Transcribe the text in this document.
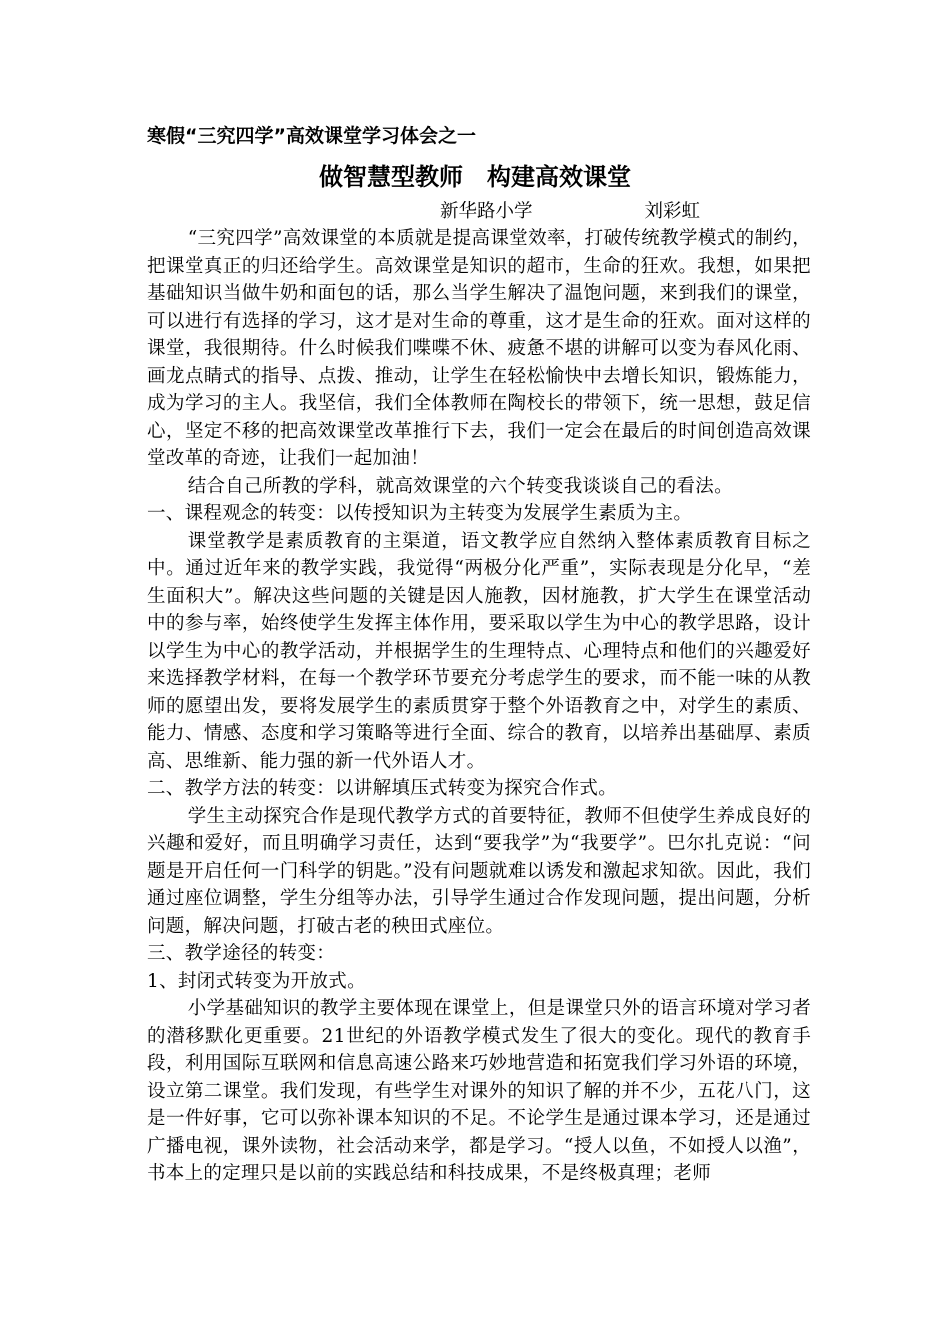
寒假“三究四学”高效课堂学习体会之一
做智慧型教师　构建高效课堂
新华路小学	刘彩虹

“三究四学”高效课堂的本质就是提高课堂效率，打破传统教学模式的制约，把课堂真正的归还给学生。高效课堂是知识的超市，生命的狂欢。我想，如果把基础知识当做牛奶和面包的话，那么当学生解决了温饱问题，来到我们的课堂，可以进行有选择的学习，这才是对生命的尊重，这才是生命的狂欢。面对这样的课堂，我很期待。什么时候我们喋喋不休、疲惫不堪的讲解可以变为春风化雨、画龙点睛式的指导、点拨、推动，让学生在轻松愉快中去增长知识，锻炼能力，成为学习的主人。我坚信，我们全体教师在陶校长的带领下，统一思想，鼓足信心，坚定不移的把高效课堂改革推行下去，我们一定会在最后的时间创造高效课堂改革的奇迹，让我们一起加油！

结合自己所教的学科，就高效课堂的六个转变我谈谈自己的看法。

一、课程观念的转变：以传授知识为主转变为发展学生素质为主。

课堂教学是素质教育的主渠道，语文教学应自然纳入整体素质教育目标之中。通过近年来的教学实践，我觉得“两极分化严重”，实际表现是分化早，“差生面积大”。解决这些问题的关键是因人施教，因材施教，扩大学生在课堂活动中的参与率，始终使学生发挥主体作用，要采取以学生为中心的教学思路，设计以学生为中心的教学活动，并根据学生的生理特点、心理特点和他们的兴趣爱好来选择教学材料，在每一个教学环节要充分考虑学生的要求，而不能一味的从教师的愿望出发，要将发展学生的素质贯穿于整个外语教育之中，对学生的素质、能力、情感、态度和学习策略等进行全面、综合的教育，以培养出基础厚、素质高、思维新、能力强的新一代外语人才。

二、教学方法的转变：以讲解填压式转变为探究合作式。

学生主动探究合作是现代教学方式的首要特征，教师不但使学生养成良好的兴趣和爱好，而且明确学习责任，达到“要我学”为“我要学”。巴尔扎克说：“问题是开启任何一门科学的钥匙。”没有问题就难以诱发和激起求知欲。因此，我们通过座位调整，学生分组等办法，引导学生通过合作发现问题，提出问题，分析问题，解决问题，打破古老的秧田式座位。

三、教学途径的转变：

1、封闭式转变为开放式。

小学基础知识的教学主要体现在课堂上，但是课堂只外的语言环境对学习者的潜移默化更重要。21世纪的外语教学模式发生了很大的变化。现代的教育手段，利用国际互联网和信息高速公路来巧妙地营造和拓宽我们学习外语的环境，设立第二课堂。我们发现，有些学生对课外的知识了解的并不少，五花八门，这是一件好事，它可以弥补课本知识的不足。不论学生是通过课本学习，还是通过广播电视，课外读物，社会活动来学，都是学习。“授人以鱼，不如授人以渔”，书本上的定理只是以前的实践总结和科技成果，不是终极真理；老师
